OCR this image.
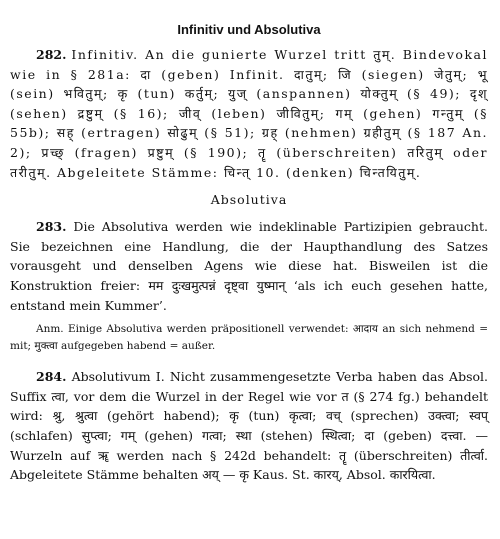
Infinitiv und Absolutiva

282. Infinitiv. An die gunierte Wurzel tritt तुम्. Bindevokal wie in § 281a: दा (geben) Infinit. दातुम्; जि (siegen) जेतुम्; भू (sein) भवितुम्; कृ (tun) कर्तुम्; युज् (anspannen) योक्तुम् (§ 49); दृश् (sehen) द्रष्टुम् (§ 16); जीव् (leben) जीवितुम्; गम् (gehen) गन्तुम् (§ 55b); सह् (ertragen) सोढुम् (§ 51); ग्रह् (nehmen) ग्रहीतुम् (§ 187 An. 2); प्रच्छ् (fragen) प्रष्टुम् (§ 190); तॄ (überschreiten) तरितुम् oder तरीतुम्. Abgeleitete Stämme: चिन्त् 10. (denken) चिन्तयितुम्.

Absolutiva

283. Die Absolutiva werden wie indeklinable Partizipien gebraucht. Sie bezeichnen eine Handlung, die der Haupthandlung des Satzes vorausgeht und denselben Agens wie diese hat. Bisweilen ist die Konstruktion freier: मम दुःखमुत्पन्नं दृष्ट्वा युष्मान् ‘als ich euch gesehen hatte, entstand mein Kummer’.

Anm. Einige Absolutiva werden präpositionell verwendet: आदाय an sich nehmend = mit; मुक्त्वा aufgegeben habend = außer.

284. Absolutivum I. Nicht zusammengesetzte Verba haben das Absol. Suffix त्वा, vor dem die Wurzel in der Regel wie vor त (§ 274 fg.) behandelt wird: श्रु, श्रुत्वा (gehört habend); कृ (tun) कृत्वा; वच् (sprechen) उक्त्वा; स्वप् (schlafen) सुप्त्वा; गम् (gehen) गत्वा; स्था (stehen) स्थित्वा; दा (geben) दत्त्वा. — Wurzeln auf ॠ werden nach § 242d behandelt: तॄ (überschreiten) तीर्त्वा. Abgeleitete Stämme behalten अय् — कृ Kaus. St. कारय्, Absol. कारयित्वा.
